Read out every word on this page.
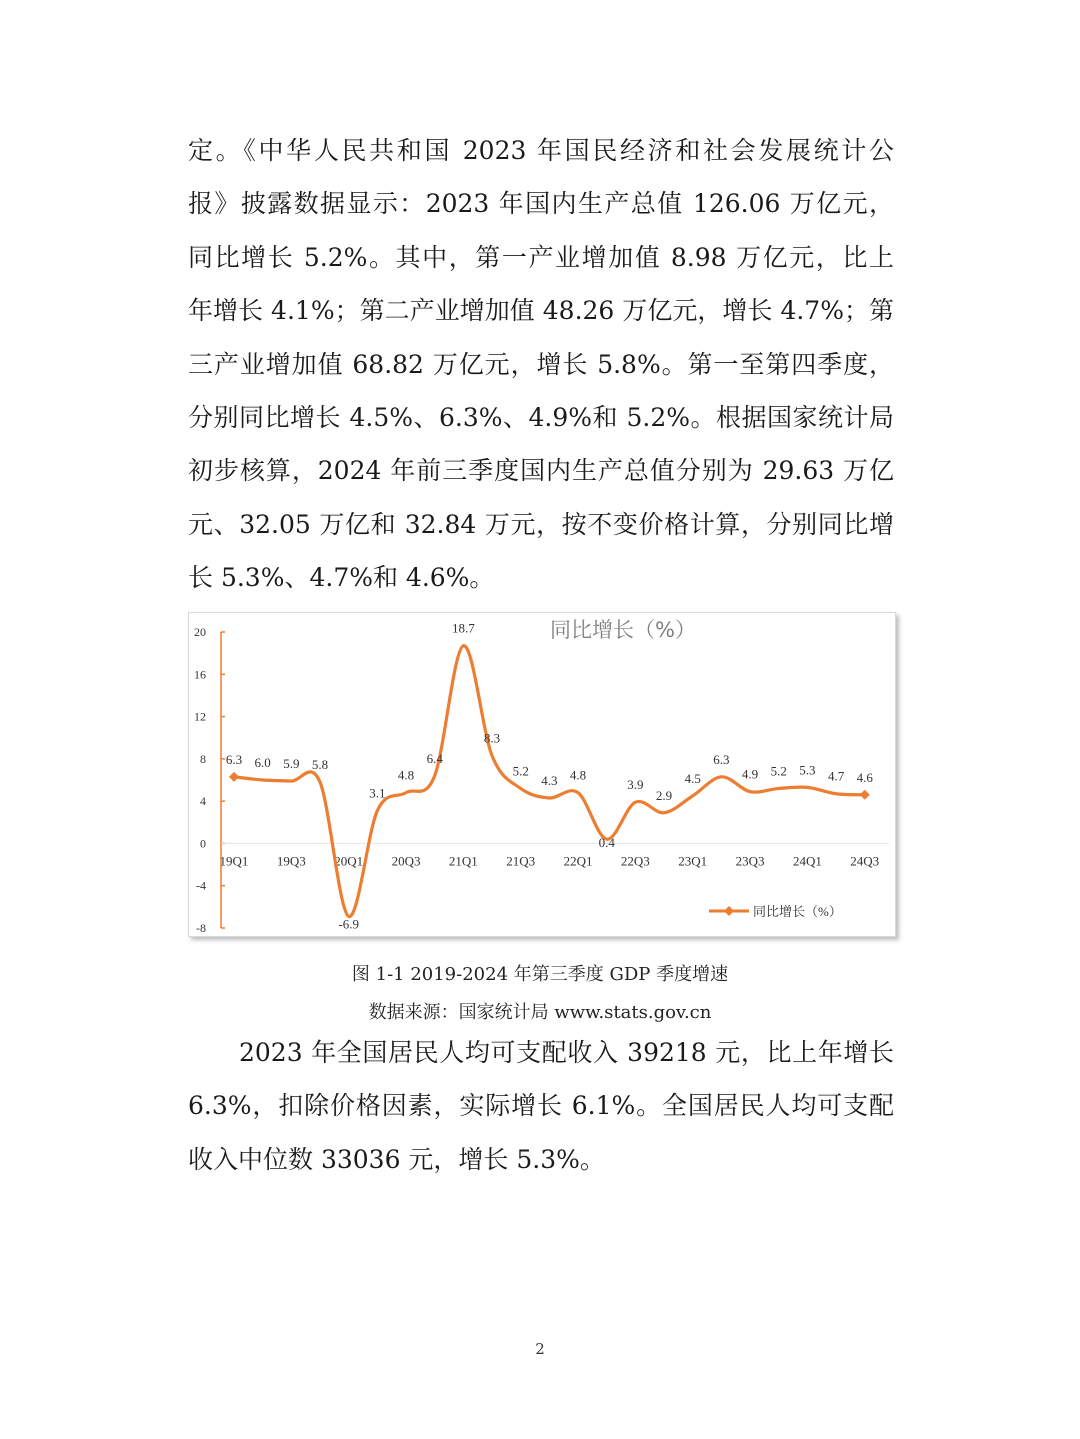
定。《中华人民共和国 2023 年国民经济和社会发展统计公
报》披露数据显示：2023 年国内生产总值 126.06 万亿元，
同比增长 5.2%。其中，第一产业增加值 8.98 万亿元，比上
年增长 4.1%；第二产业增加值 48.26 万亿元，增长 4.7%；第
三产业增加值 68.82 万亿元，增长 5.8%。第一至第四季度，
分别同比增长 4.5%、6.3%、4.9%和 5.2%。根据国家统计局
初步核算，2024 年前三季度国内生产总值分别为 29.63 万亿
元、32.05 万亿和 32.84 万元，按不变价格计算，分别同比增
长 5.3%、4.7%和 4.6%。
同比增长（%）
20
16
12
8
4
0
-4
-8
19Q1 19Q3 20Q1 20Q3 21Q1 21Q3 22Q1 22Q3 23Q1 23Q3 24Q1 24Q3
6.3 6.0 5.9 5.8
-6.9
3.1
4.8
6.4
18.7
8.3
5.2
4.3 4.8
0.4
3.9
2.9
4.5
6.3
4.9 5.2 5.3 4.7 4.6
同比增长（%）

图 1-1 2019-2024 年第三季度 GDP 季度增速

数据来源：国家统计局 www.stats.gov.cn

2023 年全国居民人均可支配收入 39218 元，比上年增长
6.3%，扣除价格因素，实际增长 6.1%。全国居民人均可支配
收入中位数 33036 元，增长 5.3%。

2
